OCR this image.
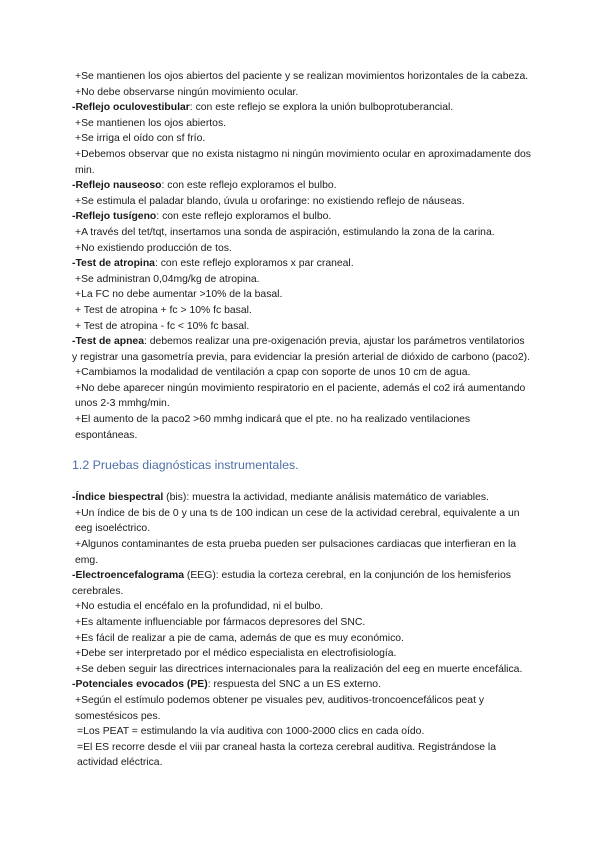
+Se mantienen los ojos abiertos del paciente y se realizan movimientos horizontales de la cabeza.

+No debe observarse ningún movimiento ocular.

-Reflejo oculovestibular: con este reflejo se explora la unión bulboprotuberancial.

+Se mantienen los ojos abiertos.

+Se irriga el oído con sf frío.

+Debemos observar que no exista nistagmo ni ningún movimiento ocular en aproximadamente dos min.

-Reflejo nauseoso: con este reflejo exploramos el bulbo.

+Se estimula el paladar blando, úvula u orofaringe: no existiendo reflejo de náuseas.

-Reflejo tusígeno: con este reflejo exploramos el bulbo.

+A través del tet/tqt, insertamos una sonda de aspiración, estimulando la zona de la carina.

+No existiendo producción de tos.

-Test de atropina: con este reflejo exploramos x par craneal.

+Se administran 0,04mg/kg de atropina.

+La FC no debe aumentar >10% de la basal.

+ Test de atropina + fc > 10% fc basal.

+ Test de atropina - fc < 10% fc basal.

-Test de apnea: debemos realizar una pre-oxigenación previa, ajustar los parámetros ventilatorios y registrar una gasometría previa, para evidenciar la presión arterial de dióxido de carbono (paco2).

+Cambiamos la modalidad de ventilación a cpap con soporte de unos 10 cm de agua.

+No debe aparecer ningún movimiento respiratorio en el paciente, además el co2 irá aumentando unos 2-3 mmhg/min.

+El aumento de la paco2 >60 mmhg indicará que el pte. no ha realizado ventilaciones espontáneas.

1.2 Pruebas diagnósticas instrumentales.

-Índice biespectral (bis): muestra la actividad, mediante análisis matemático de variables.

+Un índice de bis de 0 y una ts de 100 indican un cese de la actividad cerebral, equivalente a un eeg isoeléctrico.

+Algunos contaminantes de esta prueba pueden ser pulsaciones cardiacas que interfieran en la emg.

-Electroencefalograma (EEG): estudia la corteza cerebral, en la conjunción de los hemisferios cerebrales.

+No estudia el encéfalo en la profundidad, ni el bulbo.

+Es altamente influenciable por fármacos depresores del SNC.

+Es fácil de realizar a pie de cama, además de que es muy económico.

+Debe ser interpretado por el médico especialista en electrofisiología.

+Se deben seguir las directrices internacionales para la realización del eeg en muerte encefálica.

-Potenciales evocados (PE): respuesta del SNC a un ES externo.

+Según el estímulo podemos obtener pe visuales pev, auditivos-troncoencefálicos peat y somestésicos pes.

=Los PEAT = estimulando la vía auditiva con 1000-2000 clics en cada oído.

=El ES recorre desde el viii par craneal hasta la corteza cerebral auditiva. Registrándose la actividad eléctrica.
